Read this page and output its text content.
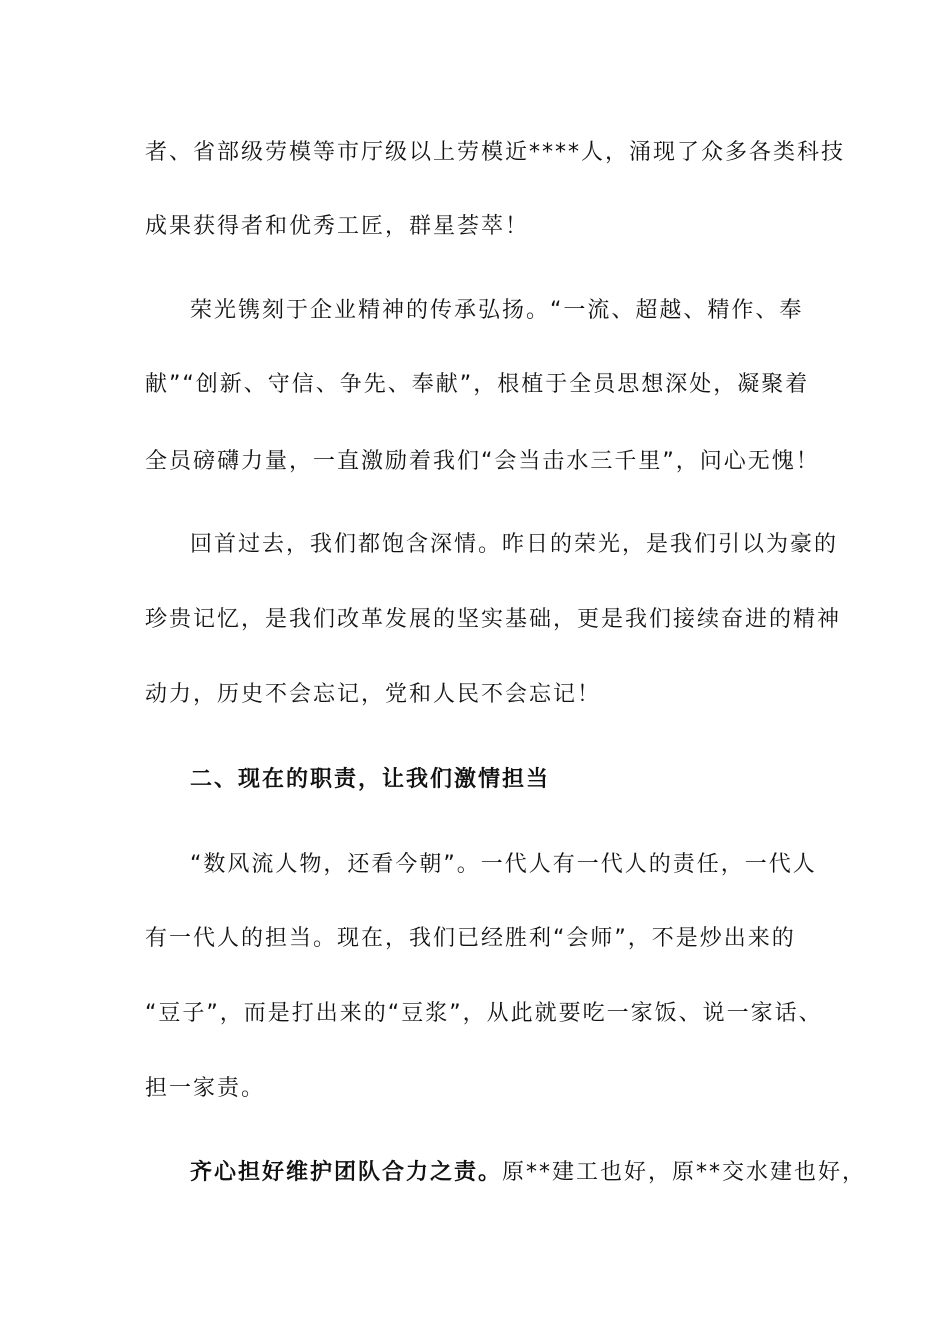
者、省部级劳模等市厅级以上劳模近****人，涌现了众多各类科技
成果获得者和优秀工匠，群星荟萃！
荣光镌刻于企业精神的传承弘扬。“一流、超越、精作、奉
献”“创新、守信、争先、奉献”，根植于全员思想深处，凝聚着
全员磅礴力量，一直激励着我们“会当击水三千里”，问心无愧！
回首过去，我们都饱含深情。昨日的荣光，是我们引以为豪的
珍贵记忆，是我们改革发展的坚实基础，更是我们接续奋进的精神
动力，历史不会忘记，党和人民不会忘记！
二、现在的职责，让我们激情担当
“数风流人物，还看今朝”。一代人有一代人的责任，一代人
有一代人的担当。现在，我们已经胜利“会师”，不是炒出来的
“豆子”，而是打出来的“豆浆”，从此就要吃一家饭、说一家话、
担一家责。
齐心担好维护团队合力之责。原**建工也好，原**交水建也好，
